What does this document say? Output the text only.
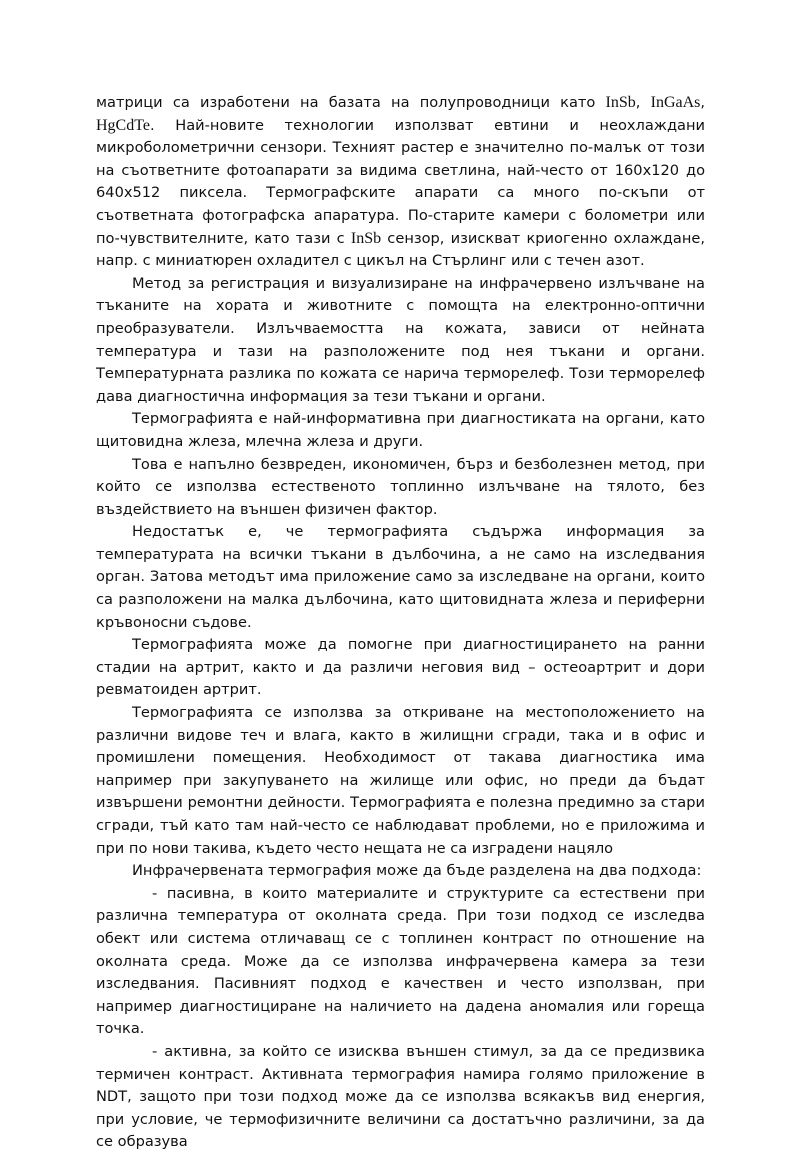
матрици са изработени на базата на полупроводници като InSb, InGaAs, HgCdTe. Най-новите технологии използват евтини и неохлаждани микроболометрични сензори. Техният растер е значително по-малък от този на съответните фотоапарати за видима светлина, най-често от 160x120 до 640x512 пиксела. Термографските апарати са много по-скъпи от съответната фотографска апаратура. По-старите камери с болометри или по-чувствителните, като тази с InSb сензор, изискват криогенно охлаждане, напр. с миниатюрен охладител с цикъл на Стърлинг или с течен азот.

Метод за регистрация и визуализиране на инфрачервено излъчване на тъканите на хората и животните с помощта на електронно-оптични преобразуватели. Излъчваемостта на кожата, зависи от нейната температура и тази на разположените под нея тъкани и органи. Температурната разлика по кожата се нарича терморелеф. Този терморелеф дава диагностична информация за тези тъкани и органи.

Термографията е най-информативна при диагностиката на органи, като щитовидна жлеза, млечна жлеза и други.

Това е напълно безвреден, икономичен, бърз и безболезнен метод, при който се използва естественото топлинно излъчване на тялото, без въздействието на външен физичен фактор.

Недостатък е, че термографията съдържа информация за температурата на всички тъкани в дълбочина, а не само на изследвания орган. Затова методът има приложение само за изследване на органи, които са разположени на малка дълбочина, като щитовидната жлеза и периферни кръвоносни съдове.

Термографията може да помогне при диагностицирането на ранни стадии на артрит, както и да различи неговия вид – остеоартрит и дори ревматоиден артрит.

Термографията се използва за откриване на местоположението на различни видове теч и влага, както в жилищни сгради, така и в офис и промишлени помещения. Необходимост от такава диагностика има например при закупуването на жилище или офис, но преди да бъдат извършени ремонтни дейности. Термографията е полезна предимно за стари сгради, тъй като там най-често се наблюдават проблеми, но е приложима и при по нови такива, където често нещата не са изградени нацяло

Инфрачервената термография може да бъде разделена на два подхода:

- пасивна, в които материалите и структурите са естествени при различна температура от околната среда. При този подход се изследва обект или система отличаващ се с топлинен контраст по отношение на околната среда. Може да се използва инфрачервена камера за тези изследвания. Пасивният подход е качествен и често използван, при например диагностициране на наличието на дадена аномалия или гореща точка.

- активна, за който се изисква външен стимул, за да се предизвика термичен контраст. Активната термография намира голямо приложение в NDT, защото при този подход може да се използва всякакъв вид енергия, при условие, че термофизичните величини са достатъчно различини, за да се образува
